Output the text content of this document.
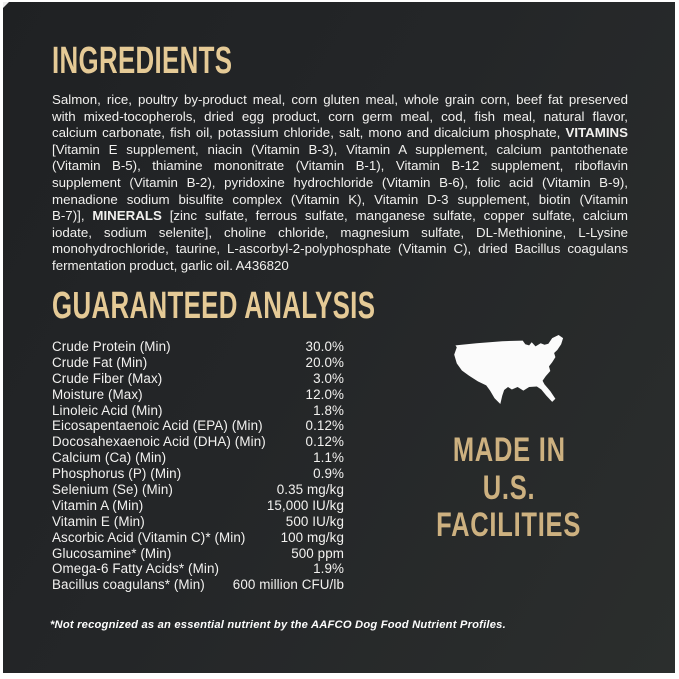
INGREDIENTS
Salmon, rice, poultry by-product meal, corn gluten meal, whole grain corn, beef fat preserved
with mixed-tocopherols, dried egg product, corn germ meal, cod, fish meal, natural flavor,
calcium carbonate, fish oil, potassium chloride, salt, mono and dicalcium phosphate, VITAMINS
[Vitamin E supplement, niacin (Vitamin B-3), Vitamin A supplement, calcium pantothenate
(Vitamin B-5), thiamine mononitrate (Vitamin B-1), Vitamin B-12 supplement, riboflavin
supplement (Vitamin B-2), pyridoxine hydrochloride (Vitamin B-6), folic acid (Vitamin B-9),
menadione sodium bisulfite complex (Vitamin K), Vitamin D-3 supplement, biotin (Vitamin
B-7)], MINERALS [zinc sulfate, ferrous sulfate, manganese sulfate, copper sulfate, calcium
iodate, sodium selenite], choline chloride, magnesium sulfate, DL-Methionine, L-Lysine
monohydrochloride, taurine, L-ascorbyl-2-polyphosphate (Vitamin C), dried Bacillus coagulans
fermentation product, garlic oil. A436820
GUARANTEED ANALYSIS
Crude Protein (Min)	30.0%
Crude Fat (Min)	20.0%
Crude Fiber (Max)	3.0%
Moisture (Max)	12.0%
Linoleic Acid (Min)	1.8%
Eicosapentaenoic Acid (EPA) (Min)	0.12%
Docosahexaenoic Acid (DHA) (Min)	0.12%
Calcium (Ca) (Min)	1.1%
Phosphorus (P) (Min)	0.9%
Selenium (Se) (Min)	0.35 mg/kg
Vitamin A (Min)	15,000 IU/kg
Vitamin E (Min)	500 IU/kg
Ascorbic Acid (Vitamin C)* (Min)	100 mg/kg
Glucosamine* (Min)	500 ppm
Omega-6 Fatty Acids* (Min)	1.9%
Bacillus coagulans* (Min) 600 million CFU/lb
MADE IN
U.S.
FACILITIES
*Not recognized as an essential nutrient by the AAFCO Dog Food Nutrient Profiles.
